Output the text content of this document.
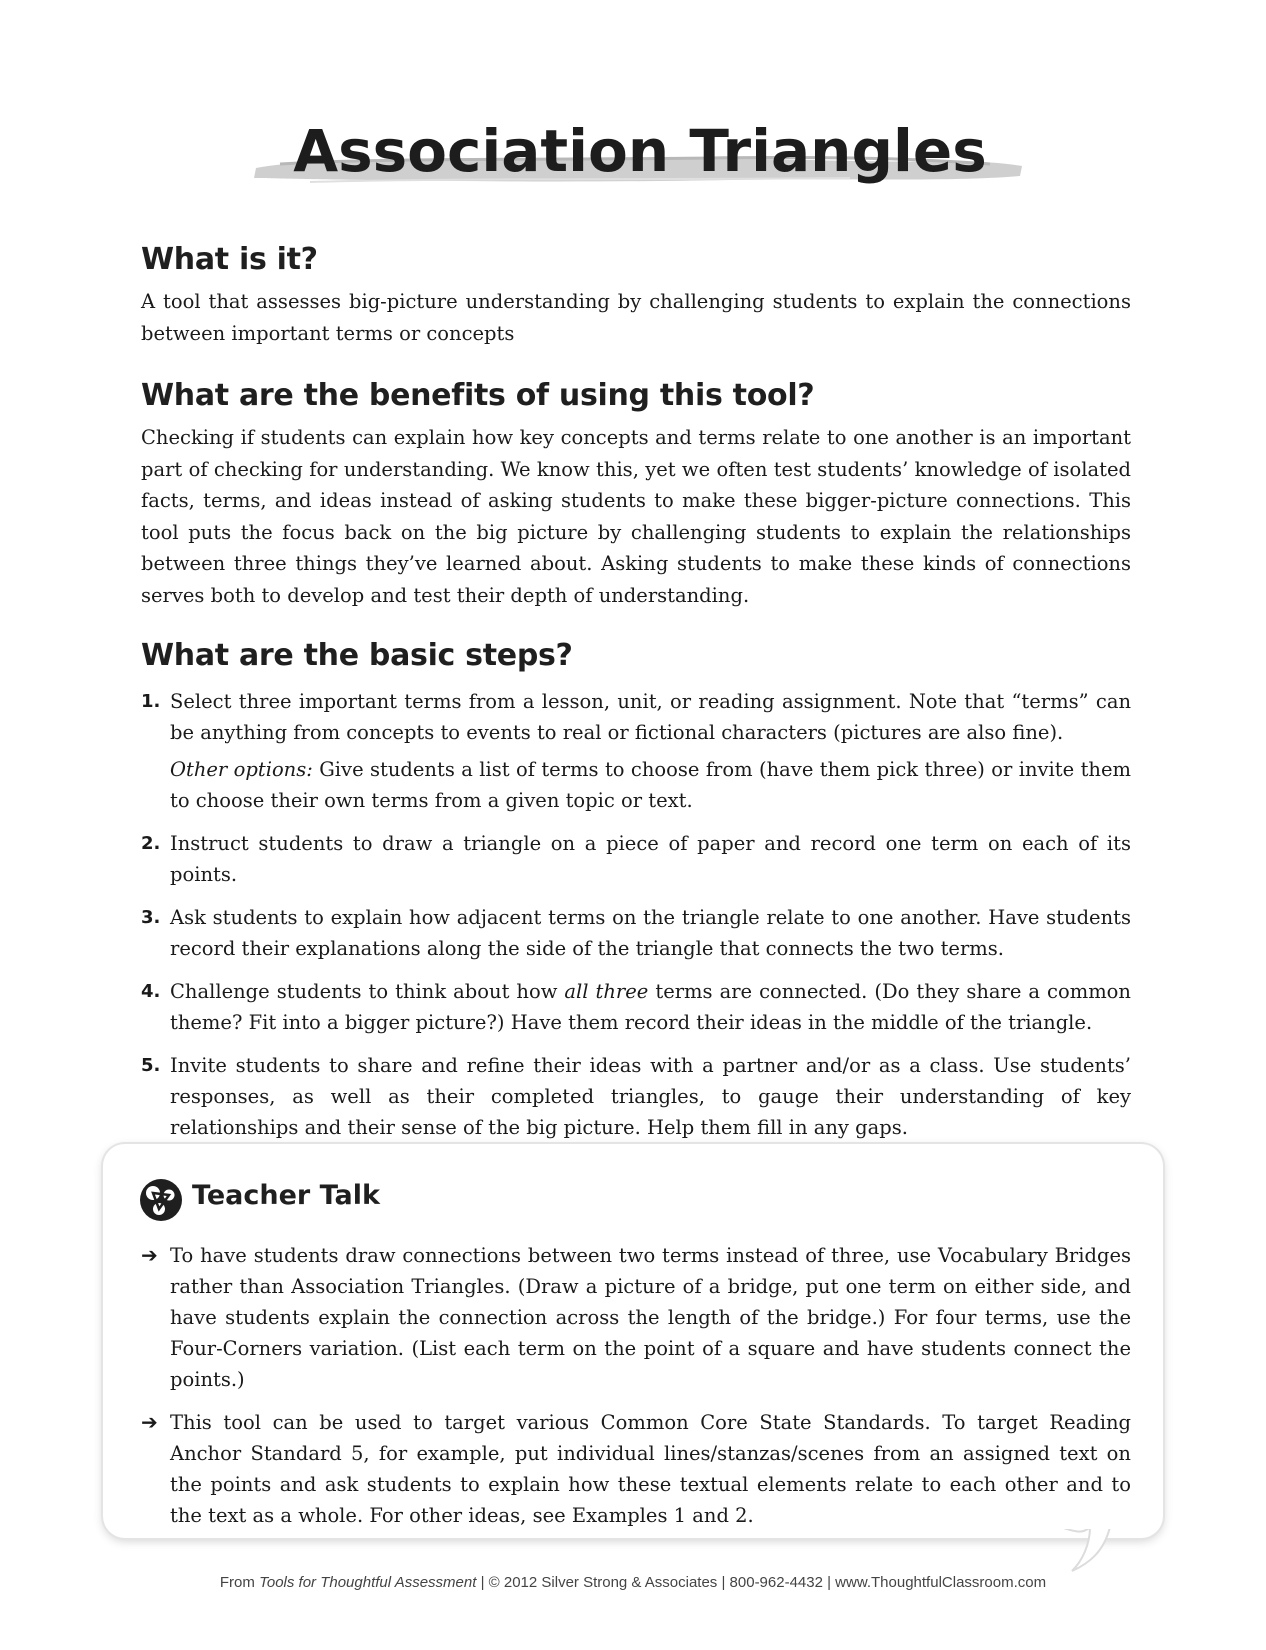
Association Triangles
What is it?

A tool that assesses big-picture understanding by challenging students to explain the connections between important terms or concepts

What are the benefits of using this tool?

Checking if students can explain how key concepts and terms relate to one another is an important part of checking for understanding. We know this, yet we often test students’ knowledge of isolated facts, terms, and ideas instead of asking students to make these bigger-picture connections. This tool puts the focus back on the big picture by challenging students to explain the relationships between three things they’ve learned about. Asking students to make these kinds of connections serves both to develop and test their depth of understanding.

What are the basic steps?
1. Select three important terms from a lesson, unit, or reading assignment. Note that “terms” can be anything from concepts to events to real or fictional characters (pictures are also fine).

Other options: Give students a list of terms to choose from (have them pick three) or invite them to choose their own terms from a given topic or text.

2. Instruct students to draw a triangle on a piece of paper and record one term on each of its points.

3. Ask students to explain how adjacent terms on the triangle relate to one another. Have students record their explanations along the side of the triangle that connects the two terms.

4. Challenge students to think about how all three terms are connected. (Do they share a common theme? Fit into a bigger picture?) Have them record their ideas in the middle of the triangle.

5. Invite students to share and refine their ideas with a partner and/or as a class. Use students’ responses, as well as their completed triangles, to gauge their understanding of key relationships and their sense of the big picture. Help them fill in any gaps.

Teacher Talk
➔ To have students draw connections between two terms instead of three, use Vocabulary Bridges rather than Association Triangles. (Draw a picture of a bridge, put one term on either side, and have students explain the connection across the length of the bridge.) For four terms, use the Four-Corners variation. (List each term on the point of a square and have students connect the points.)

➔ This tool can be used to target various Common Core State Standards. To target Reading Anchor Standard 5, for example, put individual lines/stanzas/scenes from an assigned text on the points and ask students to explain how these textual elements relate to each other and to the text as a whole. For other ideas, see Examples 1 and 2.

From Tools for Thoughtful Assessment | © 2012 Silver Strong & Associates | 800-962-4432 | www.ThoughtfulClassroom.com
